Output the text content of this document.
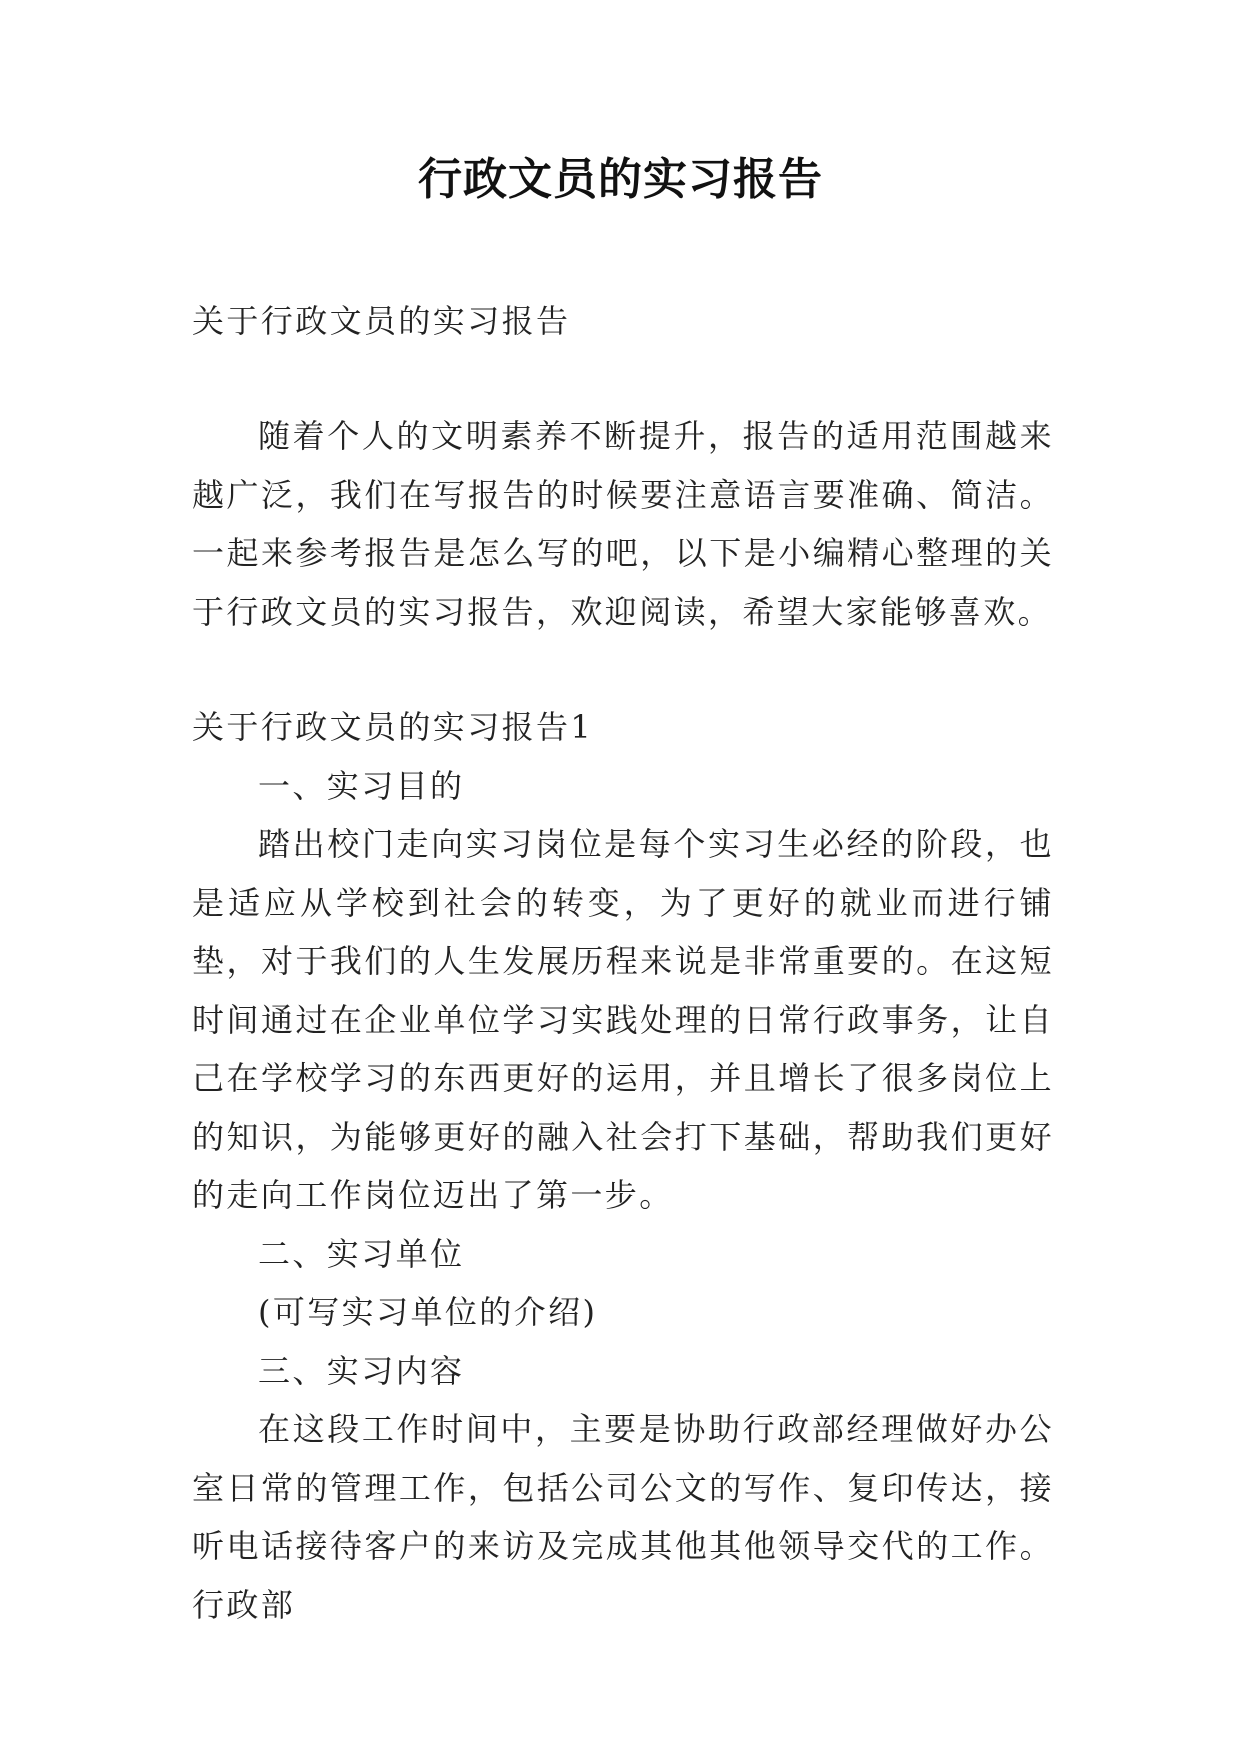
行政文员的实习报告

关于行政文员的实习报告

随着个人的文明素养不断提升，报告的适用范围越来越广泛，我们在写报告的时候要注意语言要准确、简洁。一起来参考报告是怎么写的吧，以下是小编精心整理的关于行政文员的实习报告，欢迎阅读，希望大家能够喜欢。

关于行政文员的实习报告1

一、实习目的

踏出校门走向实习岗位是每个实习生必经的阶段，也是适应从学校到社会的转变，为了更好的就业而进行铺垫，对于我们的人生发展历程来说是非常重要的。在这短时间通过在企业单位学习实践处理的日常行政事务，让自己在学校学习的东西更好的运用，并且增长了很多岗位上的知识，为能够更好的融入社会打下基础，帮助我们更好的走向工作岗位迈出了第一步。

二、实习单位

(可写实习单位的介绍)

三、实习内容

在这段工作时间中，主要是协助行政部经理做好办公室日常的管理工作，包括公司公文的写作、复印传达，接听电话接待客户的来访及完成其他其他领导交代的工作。行政部
